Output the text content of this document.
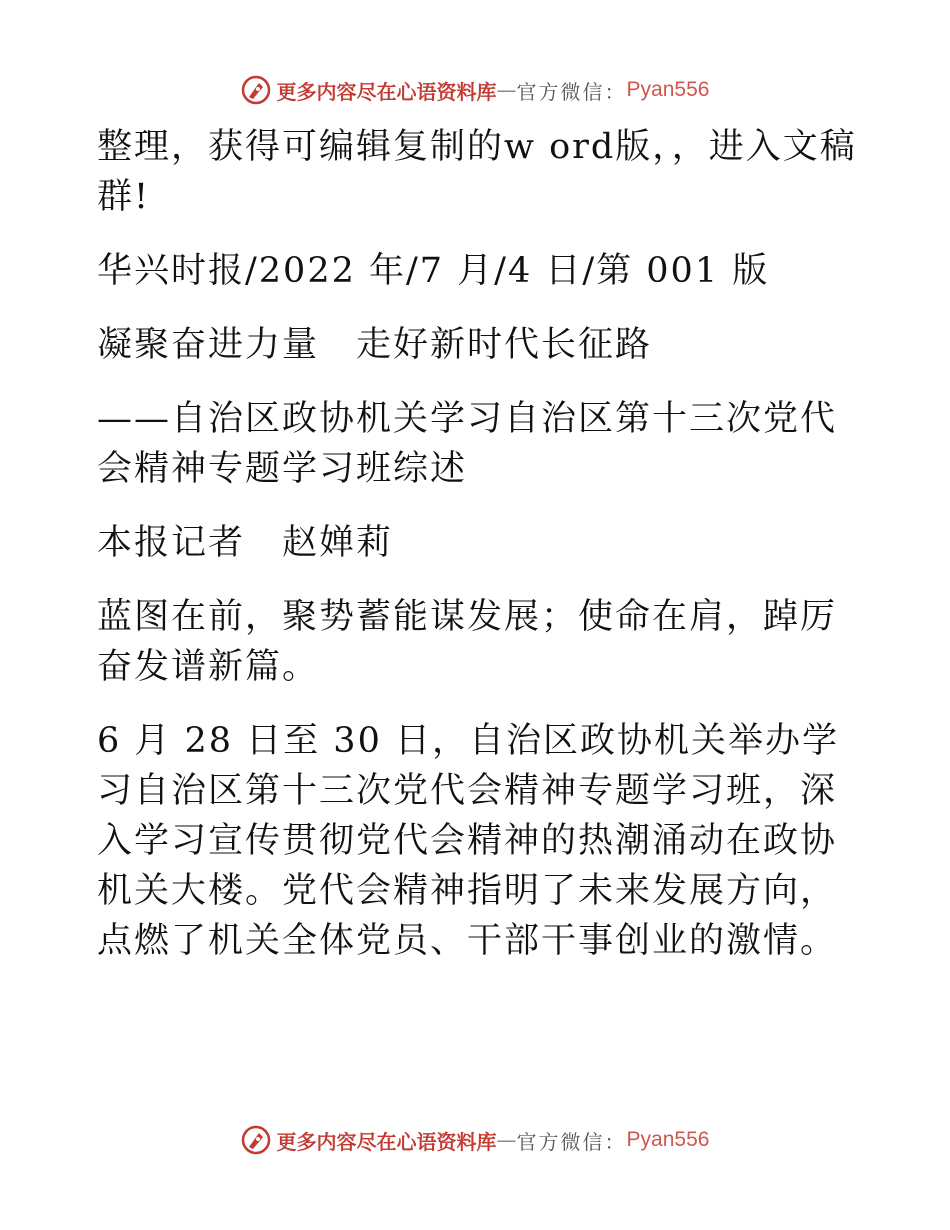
更多内容尽在心语资料库 — 官方微信： Pyan556

整理，获得可编辑复制的w ord版，，进入文稿群!

华兴时报/2022 年/7 月/4 日/第 001 版

凝聚奋进力量　走好新时代长征路

——自治区政协机关学习自治区第十三次党代会精神专题学习班综述

本报记者　赵婵莉

蓝图在前，聚势蓄能谋发展；使命在肩，踔厉奋发谱新篇。

6 月 28 日至 30 日，自治区政协机关举办学习自治区第十三次党代会精神专题学习班，深入学习宣传贯彻党代会精神的热潮涌动在政协机关大楼。党代会精神指明了未来发展方向，点燃了机关全体党员、干部干事创业的激情。

更多内容尽在心语资料库 — 官方微信： Pyan556
